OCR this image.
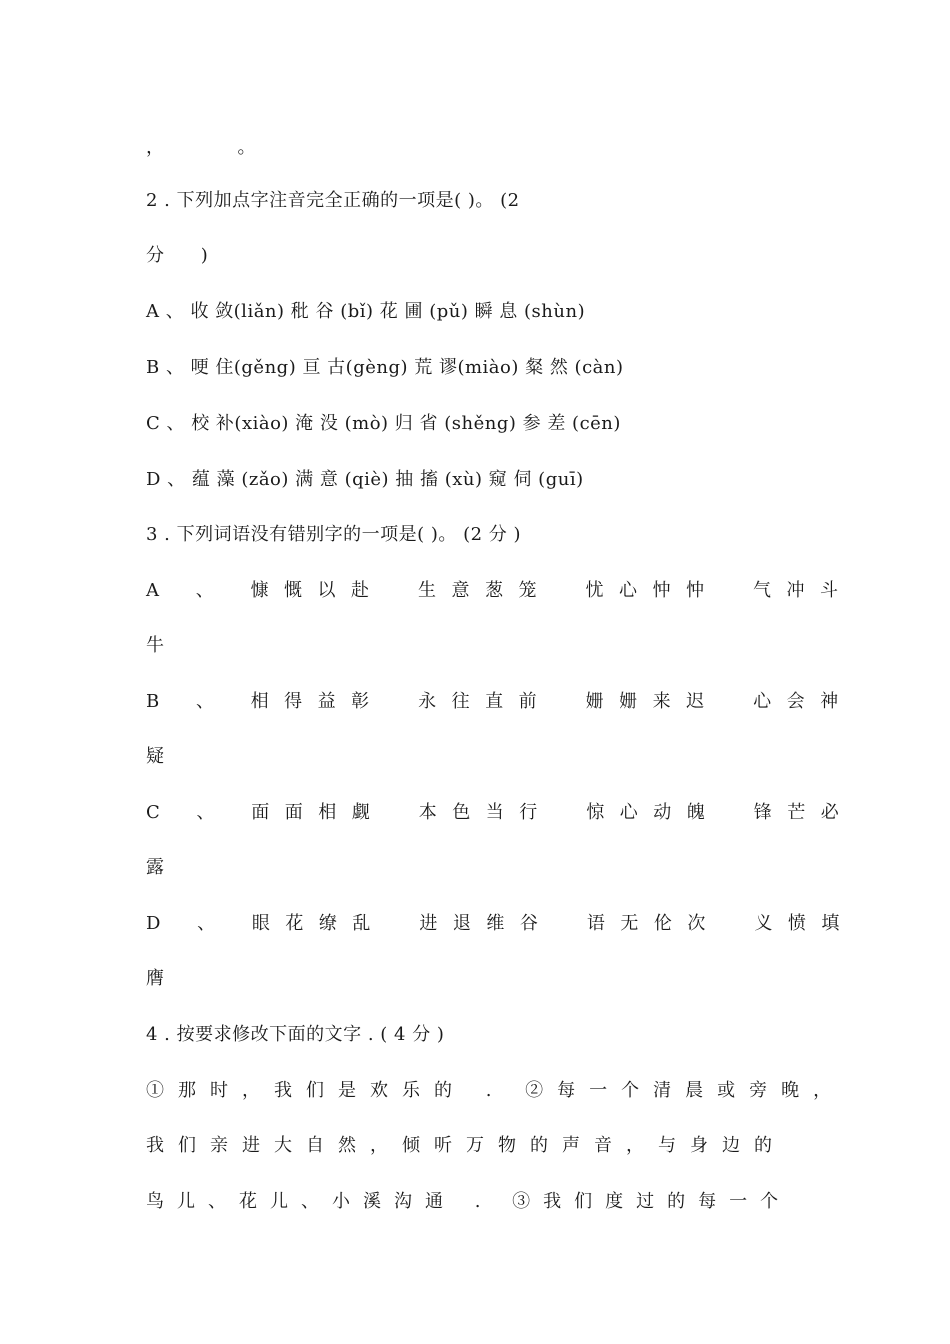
，　　。
2 . 下列加点字注音完全正确的一项是( )。 (2
分 )
A 、 收 敛(liǎn) 秕 谷 (bǐ) 花 圃 (pǔ) 瞬 息 (shùn)
B 、 哽 住(gěng) 亘 古(gèng) 荒 谬(miào) 粲 然 (càn)
C 、 校 补(xiào) 淹 没 (mò) 归 省 (shěng) 参 差 (cēn)
D 、 蕴 藻 (zǎo) 满 意 (qiè) 抽 搐 (xù) 窥 伺 (guī)
3 . 下列词语没有错别字的一项是( )。 (2 分 )
A 、 慷慨以赴　生意葱笼　忧心忡忡　气冲斗
牛
B 、 相得益彰　永往直前　姗姗来迟　心会神
疑
C 、 面面相觑　本色当行　惊心动魄　锋芒必
露
D 、 眼花缭乱　进退维谷　语无伦次　义愤填
膺
4 . 按要求修改下面的文字 . ( 4 分 )
①那时，我们是欢乐的 . ②每一个清晨或旁晚，
我们亲进大自然，倾听万物的声音，与身边的
鸟儿、花儿、小溪沟通 . ③我们度过的每一个
